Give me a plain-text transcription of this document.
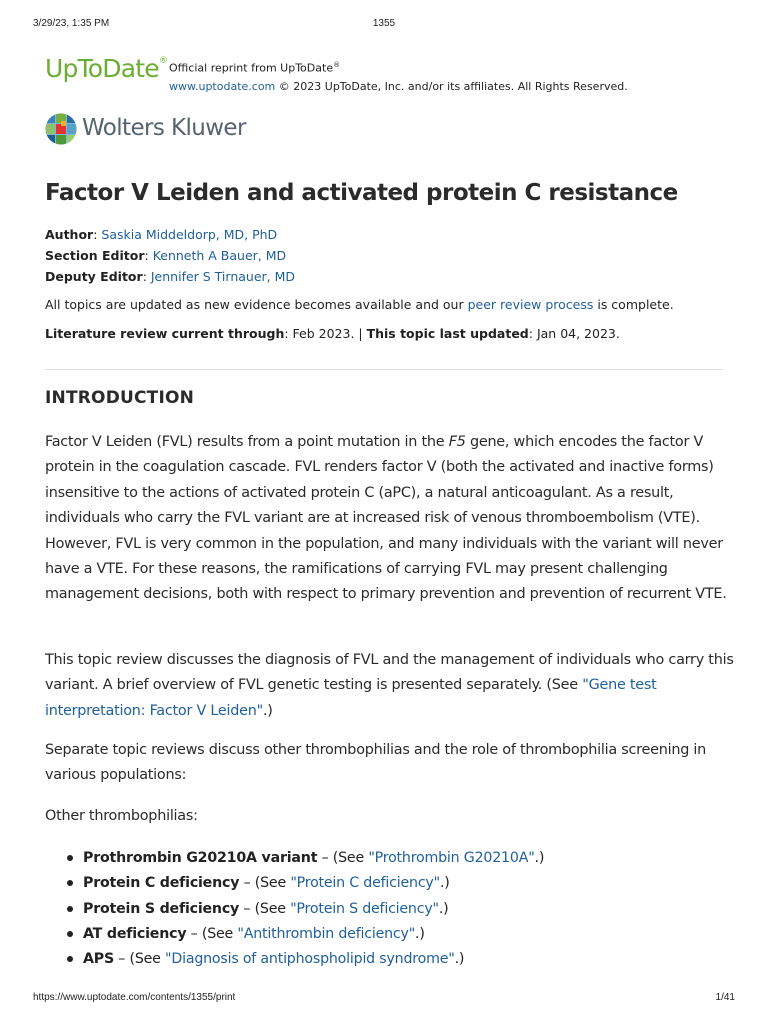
3/29/23, 1:35 PM	1355
UpToDate®
Official reprint from UpToDate®
www.uptodate.com © 2023 UpToDate, Inc. and/or its affiliates. All Rights Reserved.
Wolters Kluwer
Factor V Leiden and activated protein C resistance
Author: Saskia Middeldorp, MD, PhD
Section Editor: Kenneth A Bauer, MD
Deputy Editor: Jennifer S Tirnauer, MD
All topics are updated as new evidence becomes available and our peer review process is complete.
Literature review current through: Feb 2023. | This topic last updated: Jan 04, 2023.
INTRODUCTION

Factor V Leiden (FVL) results from a point mutation in the F5 gene, which encodes the factor V protein in the coagulation cascade. FVL renders factor V (both the activated and inactive forms) insensitive to the actions of activated protein C (aPC), a natural anticoagulant. As a result, individuals who carry the FVL variant are at increased risk of venous thromboembolism (VTE). However, FVL is very common in the population, and many individuals with the variant will never have a VTE. For these reasons, the ramifications of carrying FVL may present challenging management decisions, both with respect to primary prevention and prevention of recurrent VTE.

This topic review discusses the diagnosis of FVL and the management of individuals who carry this variant. A brief overview of FVL genetic testing is presented separately. (See "Gene test interpretation: Factor V Leiden".)

Separate topic reviews discuss other thrombophilias and the role of thrombophilia screening in various populations:

Other thrombophilias:

Prothrombin G20210A variant – (See "Prothrombin G20210A".)
Protein C deficiency – (See "Protein C deficiency".)
Protein S deficiency – (See "Protein S deficiency".)
AT deficiency – (See "Antithrombin deficiency".)
APS – (See "Diagnosis of antiphospholipid syndrome".)
https://www.uptodate.com/contents/1355/print	1/41
